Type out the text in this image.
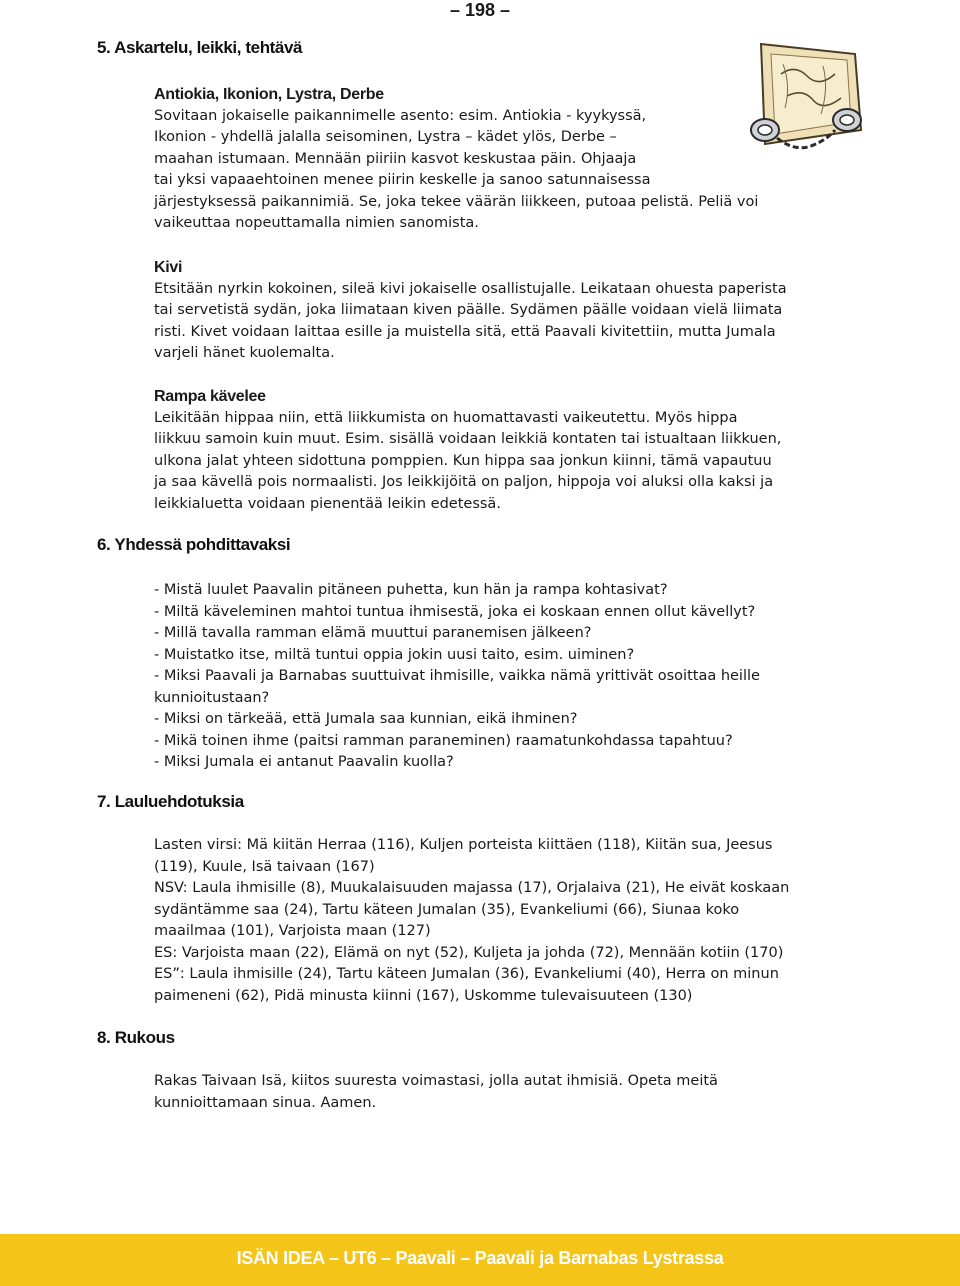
– 198 –
5. Askartelu, leikki, tehtävä

Antiokia, Ikonion, Lystra, Derbe

Sovitaan jokaiselle paikannimelle asento: esim. Antiokia - kyykyssä,
Ikonion - yhdellä jalalla seisominen, Lystra – kädet ylös, Derbe –
maahan istumaan. Mennään piiriin kasvot keskustaa päin. Ohjaaja
tai yksi vapaaehtoinen menee piirin keskelle ja sanoo satunnaisessa
järjestyksessä paikannimiä. Se, joka tekee väärän liikkeen, putoaa pelistä. Peliä voi
vaikeuttaa nopeuttamalla nimien sanomista.

Kivi

Etsitään nyrkin kokoinen, sileä kivi jokaiselle osallistujalle. Leikataan ohuesta paperista
tai servetistä sydän, joka liimataan kiven päälle. Sydämen päälle voidaan vielä liimata
risti. Kivet voidaan laittaa esille ja muistella sitä, että Paavali kivitettiin, mutta Jumala
varjeli hänet kuolemalta.

Rampa kävelee

Leikitään hippaa niin, että liikkumista on huomattavasti vaikeutettu. Myös hippa
liikkuu samoin kuin muut. Esim. sisällä voidaan leikkiä kontaten tai istualtaan liikkuen,
ulkona jalat yhteen sidottuna pomppien. Kun hippa saa jonkun kiinni, tämä vapautuu
ja saa kävellä pois normaalisti. Jos leikkijöitä on paljon, hippoja voi aluksi olla kaksi ja
leikkialuetta voidaan pienentää leikin edetessä.

6. Yhdessä pohdittavaksi
- Mistä luulet Paavalin pitäneen puhetta, kun hän ja rampa kohtasivat?
- Miltä käveleminen mahtoi tuntua ihmisestä, joka ei koskaan ennen ollut kävellyt?
- Millä tavalla ramman elämä muuttui paranemisen jälkeen?
- Muistatko itse, miltä tuntui oppia jokin uusi taito, esim. uiminen?
- Miksi Paavali ja Barnabas suuttuivat ihmisille, vaikka nämä yrittivät osoittaa heille
kunnioitustaan?
- Miksi on tärkeää, että Jumala saa kunnian, eikä ihminen?
- Mikä toinen ihme (paitsi ramman paraneminen) raamatunkohdassa tapahtuu?
- Miksi Jumala ei antanut Paavalin kuolla?
7. Lauluehdotuksia
Lasten virsi: Mä kiitän Herraa (116), Kuljen porteista kiittäen (118), Kiitän sua, Jeesus
(119), Kuule, Isä taivaan (167)
NSV: Laula ihmisille (8), Muukalaisuuden majassa (17), Orjalaiva (21), He eivät koskaan
sydäntämme saa (24), Tartu käteen Jumalan (35), Evankeliumi (66), Siunaa koko
maailmaa (101), Varjoista maan (127)
ES: Varjoista maan (22), Elämä on nyt (52), Kuljeta ja johda (72), Mennään kotiin (170)
ES”: Laula ihmisille (24), Tartu käteen Jumalan (36), Evankeliumi (40), Herra on minun
paimeneni (62), Pidä minusta kiinni (167), Uskomme tulevaisuuteen (130)
8. Rukous
Rakas Taivaan Isä, kiitos suuresta voimastasi, jolla autat ihmisiä. Opeta meitä
kunnioittamaan sinua. Aamen.
ISÄN IDEA – UT6 – Paavali – Paavali ja Barnabas Lystrassa
